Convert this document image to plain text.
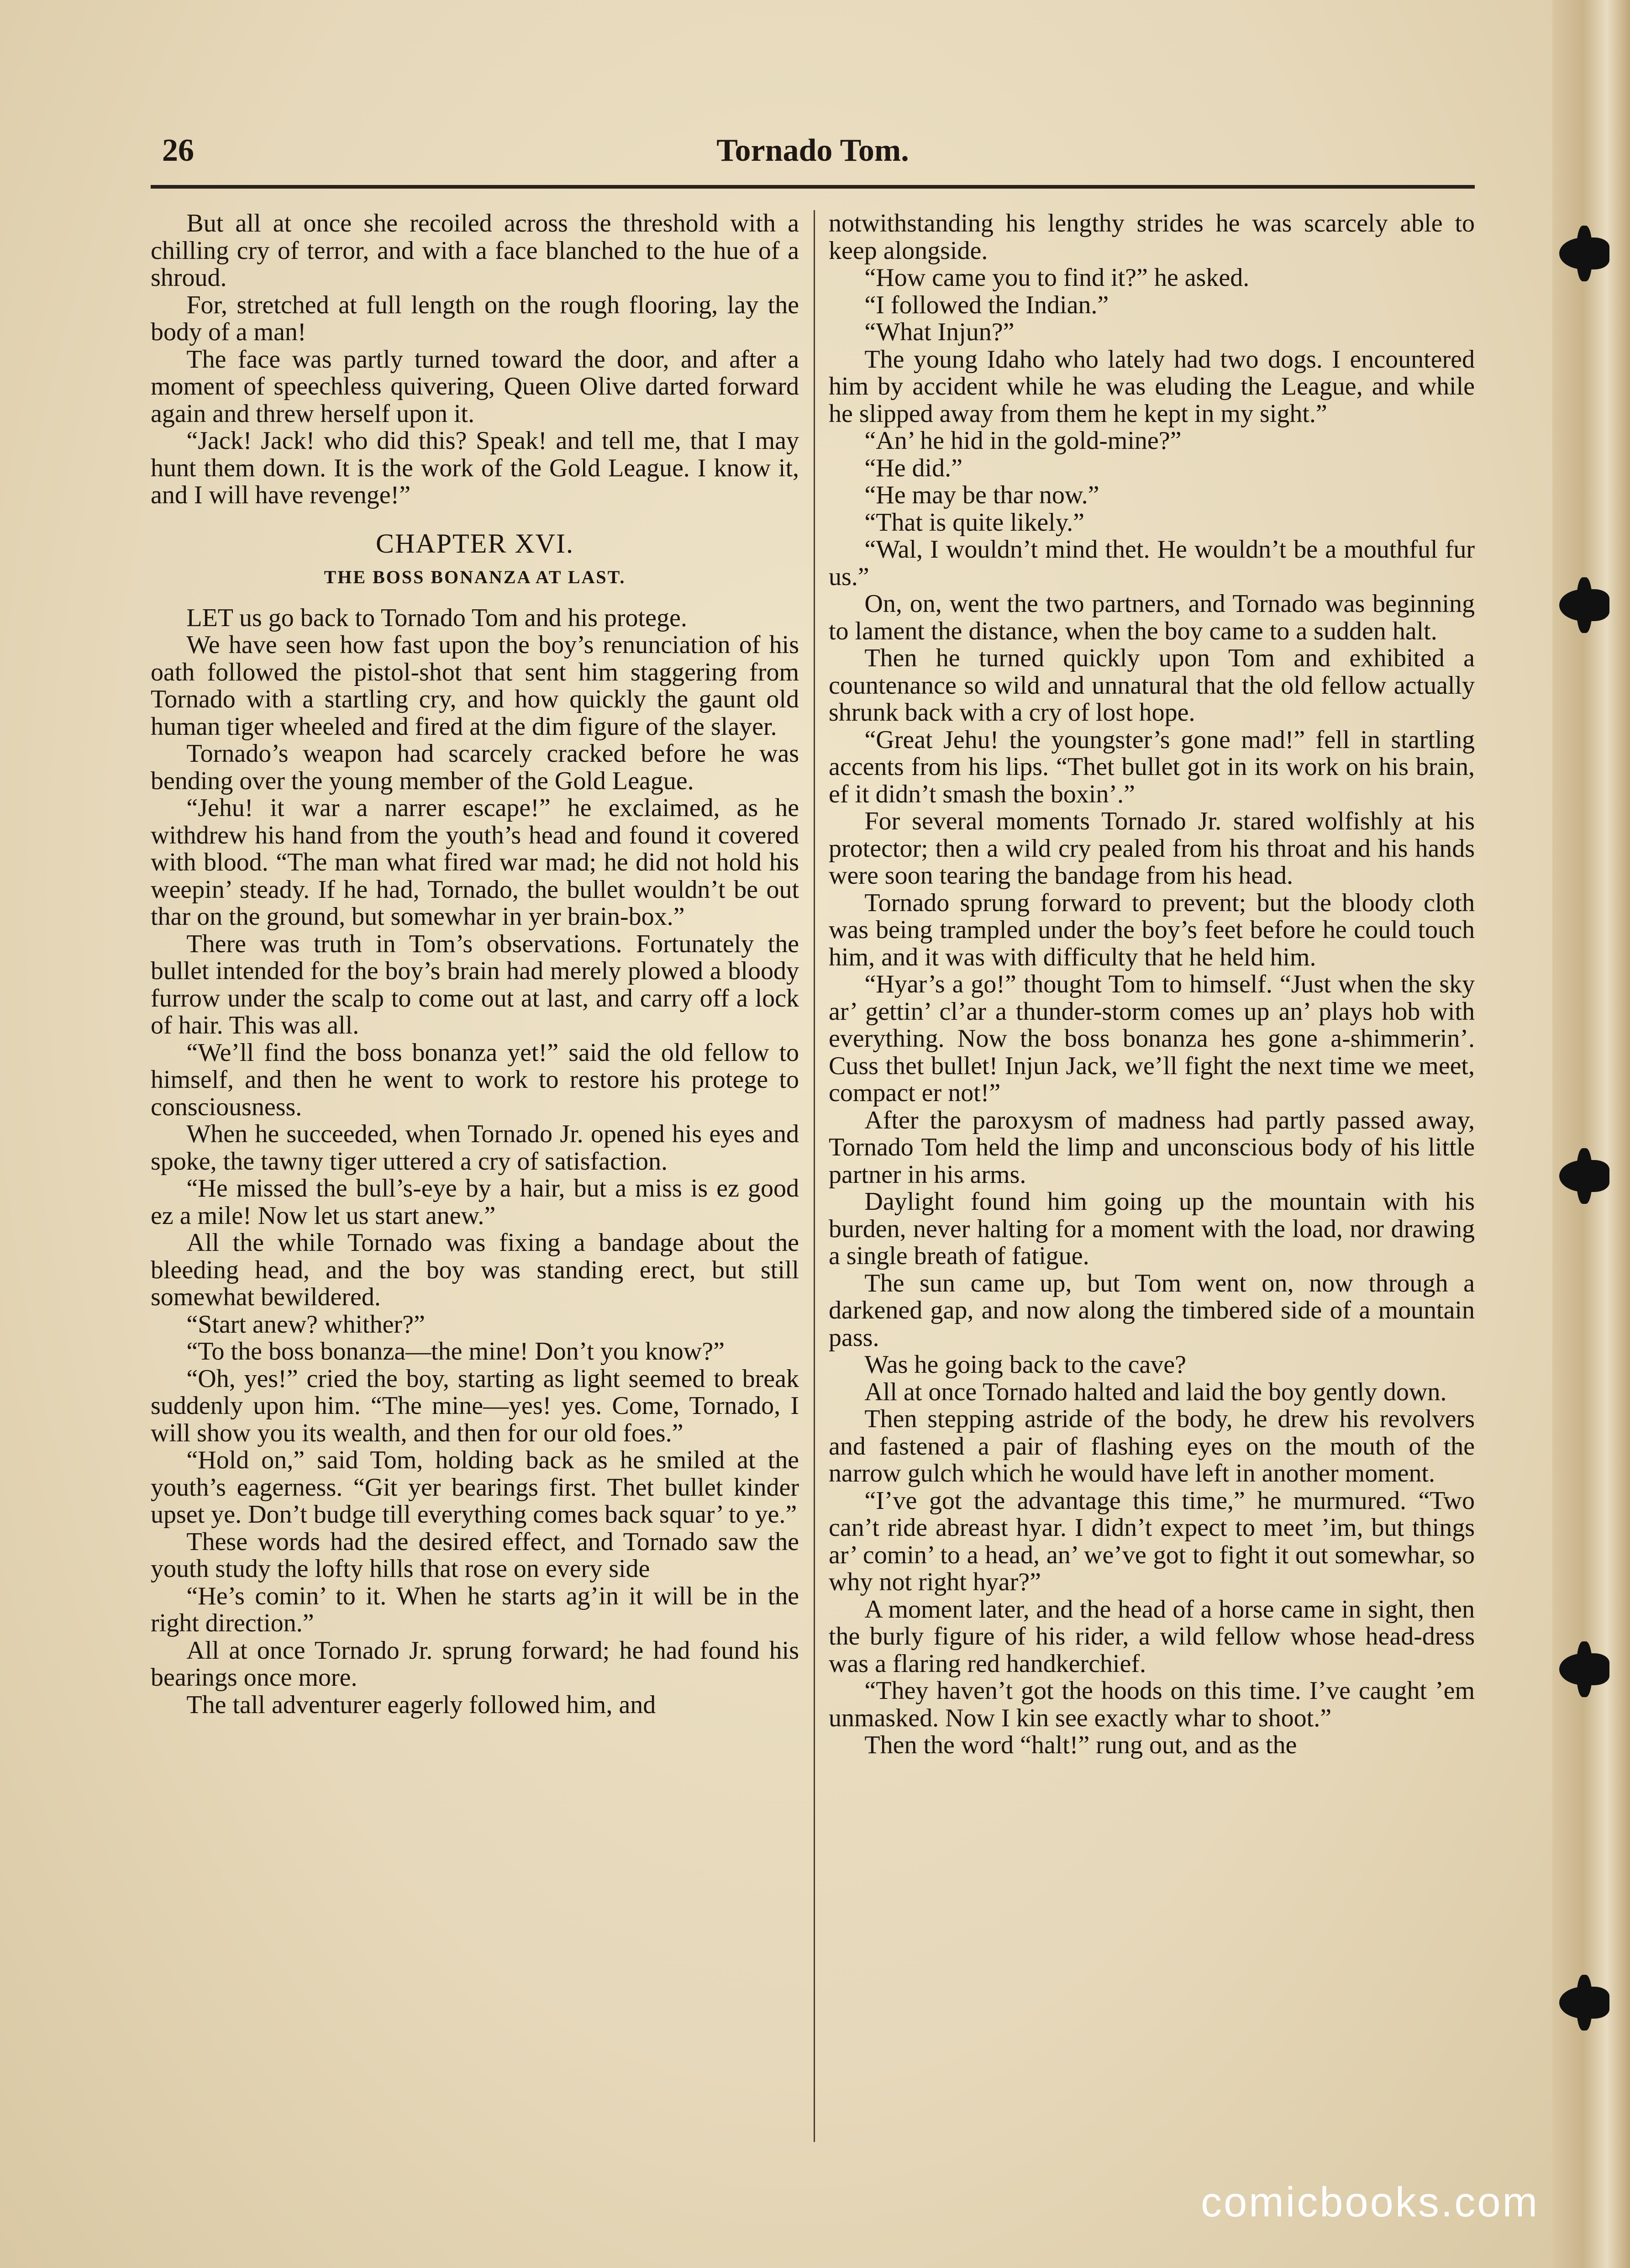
26	Tornado Tom.

But all at once she recoiled across the threshold with a chilling cry of terror, and with a face blanched to the hue of a shroud.

For, stretched at full length on the rough flooring, lay the body of a man!

The face was partly turned toward the door, and after a moment of speechless quivering, Queen Olive darted forward again and threw herself upon it.

“Jack! Jack! who did this? Speak! and tell me, that I may hunt them down. It is the work of the Gold League. I know it, and I will have revenge!”

CHAPTER XVI.
THE BOSS BONANZA AT LAST.

LET us go back to Tornado Tom and his protege.

We have seen how fast upon the boy’s renunciation of his oath followed the pistol-shot that sent him staggering from Tornado with a startling cry, and how quickly the gaunt old human tiger wheeled and fired at the dim figure of the slayer.

Tornado’s weapon had scarcely cracked before he was bending over the young member of the Gold League.

“Jehu! it war a narrer escape!” he exclaimed, as he withdrew his hand from the youth’s head and found it covered with blood. “The man what fired war mad; he did not hold his weepin’ steady. If he had, Tornado, the bullet wouldn’t be out thar on the ground, but somewhar in yer brain-box.”

There was truth in Tom’s observations. Fortunately the bullet intended for the boy’s brain had merely plowed a bloody furrow under the scalp to come out at last, and carry off a lock of hair. This was all.

“We’ll find the boss bonanza yet!” said the old fellow to himself, and then he went to work to restore his protege to consciousness.

When he succeeded, when Tornado Jr. opened his eyes and spoke, the tawny tiger uttered a cry of satisfaction.

“He missed the bull’s-eye by a hair, but a miss is ez good ez a mile! Now let us start anew.”

All the while Tornado was fixing a bandage about the bleeding head, and the boy was standing erect, but still somewhat bewildered.

“Start anew? whither?”

“To the boss bonanza—the mine! Don’t you know?”

“Oh, yes!” cried the boy, starting as light seemed to break suddenly upon him. “The mine—yes! yes. Come, Tornado, I will show you its wealth, and then for our old foes.”

“Hold on,” said Tom, holding back as he smiled at the youth’s eagerness. “Git yer bearings first. Thet bullet kinder upset ye. Don’t budge till everything comes back squar’ to ye.”

These words had the desired effect, and Tornado saw the youth study the lofty hills that rose on every side

“He’s comin’ to it. When he starts ag’in it will be in the right direction.”

All at once Tornado Jr. sprung forward; he had found his bearings once more.

The tall adventurer eagerly followed him, and

notwithstanding his lengthy strides he was scarcely able to keep alongside.

“How came you to find it?” he asked.

“I followed the Indian.”

“What Injun?”

The young Idaho who lately had two dogs. I encountered him by accident while he was eluding the League, and while he slipped away from them he kept in my sight.”

“An’ he hid in the gold-mine?”

“He did.”

“He may be thar now.”

“That is quite likely.”

“Wal, I wouldn’t mind thet. He wouldn’t be a mouthful fur us.”

On, on, went the two partners, and Tornado was beginning to lament the distance, when the boy came to a sudden halt.

Then he turned quickly upon Tom and exhibited a countenance so wild and unnatural that the old fellow actually shrunk back with a cry of lost hope.

“Great Jehu! the youngster’s gone mad!” fell in startling accents from his lips. “Thet bullet got in its work on his brain, ef it didn’t smash the boxin’.”

For several moments Tornado Jr. stared wolfishly at his protector; then a wild cry pealed from his throat and his hands were soon tearing the bandage from his head.

Tornado sprung forward to prevent; but the bloody cloth was being trampled under the boy’s feet before he could touch him, and it was with difficulty that he held him.

“Hyar’s a go!” thought Tom to himself. “Just when the sky ar’ gettin’ cl’ar a thunder-storm comes up an’ plays hob with everything. Now the boss bonanza hes gone a-shimmerin’. Cuss thet bullet! Injun Jack, we’ll fight the next time we meet, compact er not!”

After the paroxysm of madness had partly passed away, Tornado Tom held the limp and unconscious body of his little partner in his arms.

Daylight found him going up the mountain with his burden, never halting for a moment with the load, nor drawing a single breath of fatigue.

The sun came up, but Tom went on, now through a darkened gap, and now along the timbered side of a mountain pass.

Was he going back to the cave?

All at once Tornado halted and laid the boy gently down.

Then stepping astride of the body, he drew his revolvers and fastened a pair of flashing eyes on the mouth of the narrow gulch which he would have left in another moment.

“I’ve got the advantage this time,” he murmured. “Two can’t ride abreast hyar. I didn’t expect to meet ’im, but things ar’ comin’ to a head, an’ we’ve got to fight it out somewhar, so why not right hyar?”

A moment later, and the head of a horse came in sight, then the burly figure of his rider, a wild fellow whose head-dress was a flaring red handkerchief.

“They haven’t got the hoods on this time. I’ve caught ’em unmasked. Now I kin see exactly whar to shoot.”

Then the word “halt!” rung out, and as the

comicbooks.com
